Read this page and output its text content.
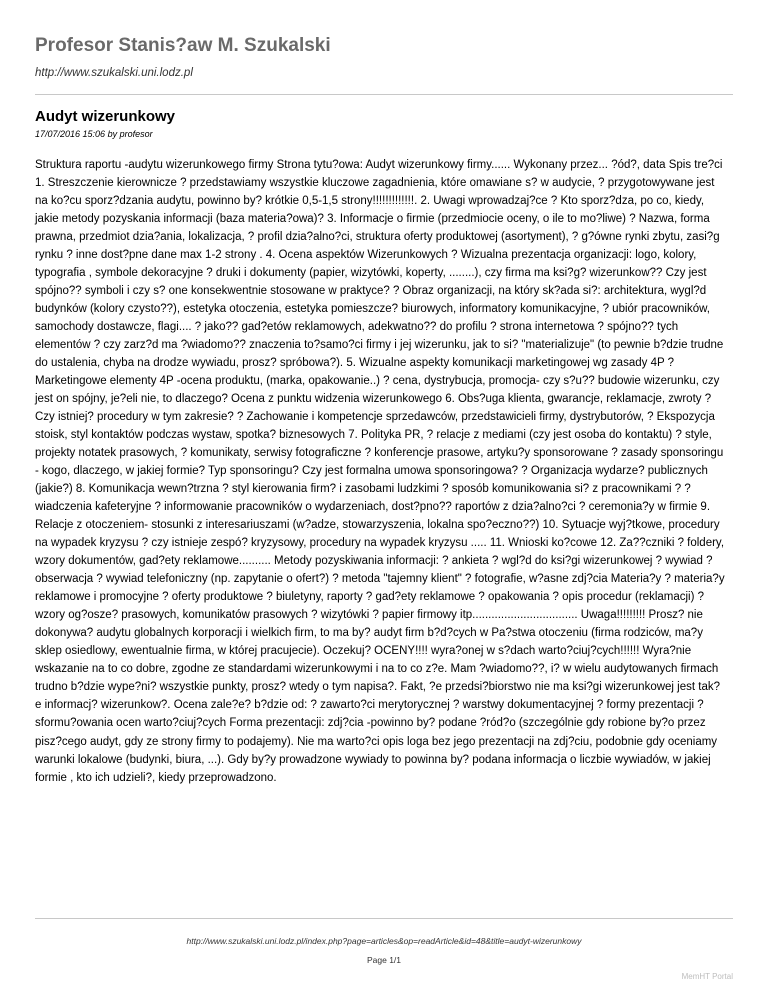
Profesor Stanis?aw M. Szukalski

http://www.szukalski.uni.lodz.pl

Audyt wizerunkowy

17/07/2016 15:06 by profesor

Struktura raportu -audytu wizerunkowego firmy Strona tytu?owa: Audyt wizerunkowy firmy...... Wykonany przez... ?ód?, data Spis tre?ci 1. Streszczenie kierownicze ? przedstawiamy wszystkie kluczowe zagadnienia, które omawiane s? w audycie, ? przygotowywane jest na ko?cu sporz?dzania audytu, powinno by? krótkie 0,5-1,5 strony!!!!!!!!!!!!!. 2. Uwagi wprowadzaj?ce ? Kto sporz?dza, po co, kiedy, jakie metody pozyskania informacji (baza materia?owa)? 3. Informacje o firmie (przedmiocie oceny, o ile to mo?liwe) ? Nazwa, forma prawna, przedmiot dzia?ania, lokalizacja, ? profil dzia?alno?ci, struktura oferty produktowej (asortyment), ? g?ówne rynki zbytu, zasi?g rynku ? inne dost?pne dane max 1-2 strony . 4. Ocena aspektów Wizerunkowych ? Wizualna prezentacja organizacji: logo, kolory, typografia , symbole dekoracyjne ? druki i dokumenty (papier, wizytówki, koperty, ........), czy firma ma ksi?g? wizerunkow?? Czy jest spójno?? symboli i czy s? one konsekwentnie stosowane w praktyce? ? Obraz organizacji, na który sk?ada si?: architektura, wygl?d budynków (kolory czysto??), estetyka otoczenia, estetyka pomieszcze? biurowych, informatory komunikacyjne, ? ubiór pracowników, samochody dostawcze, flagi.... ? jako?? gad?etów reklamowych, adekwatno?? do profilu ? strona internetowa ? spójno?? tych elementów ? czy zarz?d ma ?wiadomo?? znaczenia to?samo?ci firmy i jej wizerunku, jak to si? "materializuje" (to pewnie b?dzie trudne do ustalenia, chyba na drodze wywiadu, prosz? spróbowa?). 5. Wizualne aspekty komunikacji marketingowej wg zasady 4P ? Marketingowe elementy 4P -ocena produktu, (marka, opakowanie..) ? cena, dystrybucja, promocja- czy s?u?? budowie wizerunku, czy jest on spójny, je?eli nie, to dlaczego? Ocena z punktu widzenia wizerunkowego 6. Obs?uga klienta, gwarancje, reklamacje, zwroty ? Czy istniej? procedury w tym zakresie? ? Zachowanie i kompetencje sprzedawców, przedstawicieli firmy, dystrybutorów, ? Ekspozycja stoisk, styl kontaktów podczas wystaw, spotka? biznesowych 7. Polityka PR, ? relacje z mediami (czy jest osoba do kontaktu) ? style, projekty notatek prasowych, ? komunikaty, serwisy fotograficzne ? konferencje prasowe, artyku?y sponsorowane ? zasady sponsoringu - kogo, dlaczego, w jakiej formie? Typ sponsoringu? Czy jest formalna umowa sponsoringowa? ? Organizacja wydarze? publicznych (jakie?) 8. Komunikacja wewn?trzna ? styl kierowania firm? i zasobami ludzkimi ? sposób komunikowania si? z pracownikami ? ?wiadczenia kafeteryjne ? informowanie pracowników o wydarzeniach, dost?pno?? raportów z dzia?alno?ci ? ceremonia?y w firmie 9. Relacje z otoczeniem- stosunki z interesariuszami (w?adze, stowarzyszenia, lokalna spo?eczno??) 10. Sytuacje wyj?tkowe, procedury na wypadek kryzysu ? czy istnieje zespó? kryzysowy, procedury na wypadek kryzysu ..... 11. Wnioski ko?cowe 12. Za??czniki ? foldery, wzory dokumentów, gad?ety reklamowe.......... Metody pozyskiwania informacji: ? ankieta ? wgl?d do ksi?gi wizerunkowej ? wywiad ? obserwacja ? wywiad telefoniczny (np. zapytanie o ofert?) ? metoda "tajemny klient" ? fotografie, w?asne zdj?cia Materia?y ? materia?y reklamowe i promocyjne ? oferty produktowe ? biuletyny, raporty ? gad?ety reklamowe ? opakowania ? opis procedur (reklamacji) ? wzory og?osze? prasowych, komunikatów prasowych ? wizytówki ? papier firmowy itp................................. Uwaga!!!!!!!!! Prosz? nie dokonywa? audytu globalnych korporacji i wielkich firm, to ma by? audyt firm b?d?cych w Pa?stwa otoczeniu (firma rodziców, ma?y sklep osiedlowy, ewentualnie firma, w której pracujecie). Oczekuj? OCENY!!!! wyra?onej w s?dach warto?ciuj?cych!!!!!! Wyra?nie wskazanie na to co dobre, zgodne ze standardami wizerunkowymi i na to co z?e. Mam ?wiadomo??, i? w wielu audytowanych firmach trudno b?dzie wype?ni? wszystkie punkty, prosz? wtedy o tym napisa?. Fakt, ?e przedsi?biorstwo nie ma ksi?gi wizerunkowej jest tak?e informacj? wizerunkow?. Ocena zale?e? b?dzie od: ? zawarto?ci merytorycznej ? warstwy dokumentacyjnej ? formy prezentacji ? sformu?owania ocen warto?ciuj?cych Forma prezentacji: zdj?cia -powinno by? podane ?ród?o (szczególnie gdy robione by?o przez pisz?cego audyt, gdy ze strony firmy to podajemy). Nie ma warto?ci opis loga bez jego prezentacji na zdj?ciu, podobnie gdy oceniamy warunki lokalowe (budynki, biura, ...). Gdy by?y prowadzone wywiady to powinna by? podana informacja o liczbie wywiadów, w jakiej formie , kto ich udzieli?, kiedy przeprowadzono.

http://www.szukalski.uni.lodz.pl/index.php?page=articles&op=readArticle&id=48&title=audyt-wizerunkowy

Page 1/1

MemHT Portal
